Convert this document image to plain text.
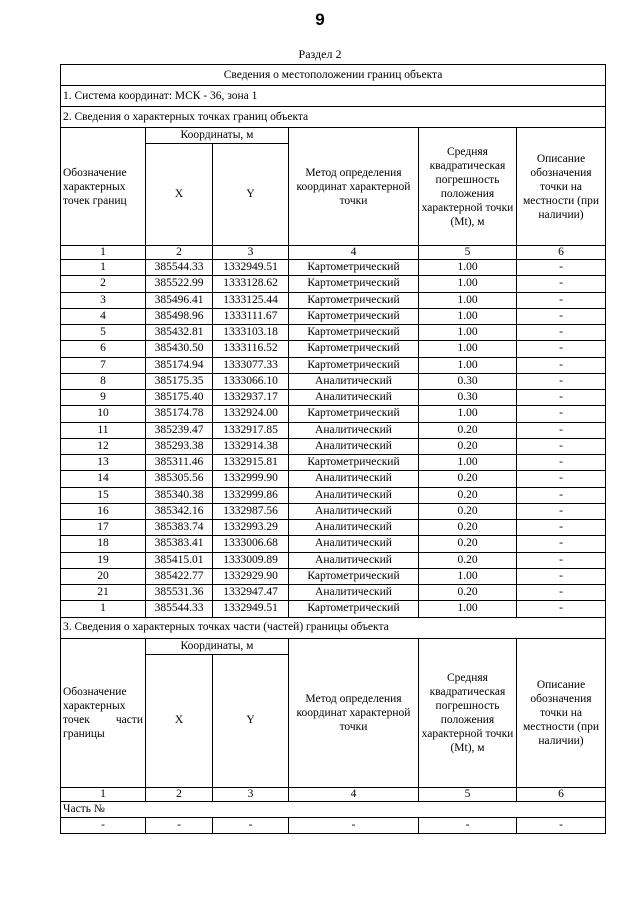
9
Раздел 2
Сведения о местоположении границ объекта					
1. Система координат: МСК - 36, зона 1					
2. Сведения о характерных точках границ объекта					
Обозначение характерных точек границ	Координаты, м		Метод определения координат характерной точки	Средняя квадратическая погрешность положения характерной точки (Mt), м	Описание обозначения точки на местности (при наличии)
	X	Y			
1	2	3	4	5	6
1	385544.33	1332949.51	Картометрический	1.00	-
2	385522.99	1333128.62	Картометрический	1.00	-
3	385496.41	1333125.44	Картометрический	1.00	-
4	385498.96	1333111.67	Картометрический	1.00	-
5	385432.81	1333103.18	Картометрический	1.00	-
6	385430.50	1333116.52	Картометрический	1.00	-
7	385174.94	1333077.33	Картометрический	1.00	-
8	385175.35	1333066.10	Аналитический	0.30	-
9	385175.40	1332937.17	Аналитический	0.30	-
10	385174.78	1332924.00	Картометрический	1.00	-
11	385239.47	1332917.85	Аналитический	0.20	-
12	385293.38	1332914.38	Аналитический	0.20	-
13	385311.46	1332915.81	Картометрический	1.00	-
14	385305.56	1332999.90	Аналитический	0.20	-
15	385340.38	1332999.86	Аналитический	0.20	-
16	385342.16	1332987.56	Аналитический	0.20	-
17	385383.74	1332993.29	Аналитический	0.20	-
18	385383.41	1333006.68	Аналитический	0.20	-
19	385415.01	1333009.89	Аналитический	0.20	-
20	385422.77	1332929.90	Картометрический	1.00	-
21	385531.36	1332947.47	Аналитический	0.20	-
1	385544.33	1332949.51	Картометрический	1.00	-
3. Сведения о характерных точках части (частей) границы объекта					
Обозначение характерных точек части границы	Координаты, м		Метод определения координат характерной точки	Средняя квадратическая погрешность положения характерной точки (Mt), м	Описание обозначения точки на местности (при наличии)
	X	Y			
1	2	3	4	5	6
Часть №					
-	-	-	-	-	-
